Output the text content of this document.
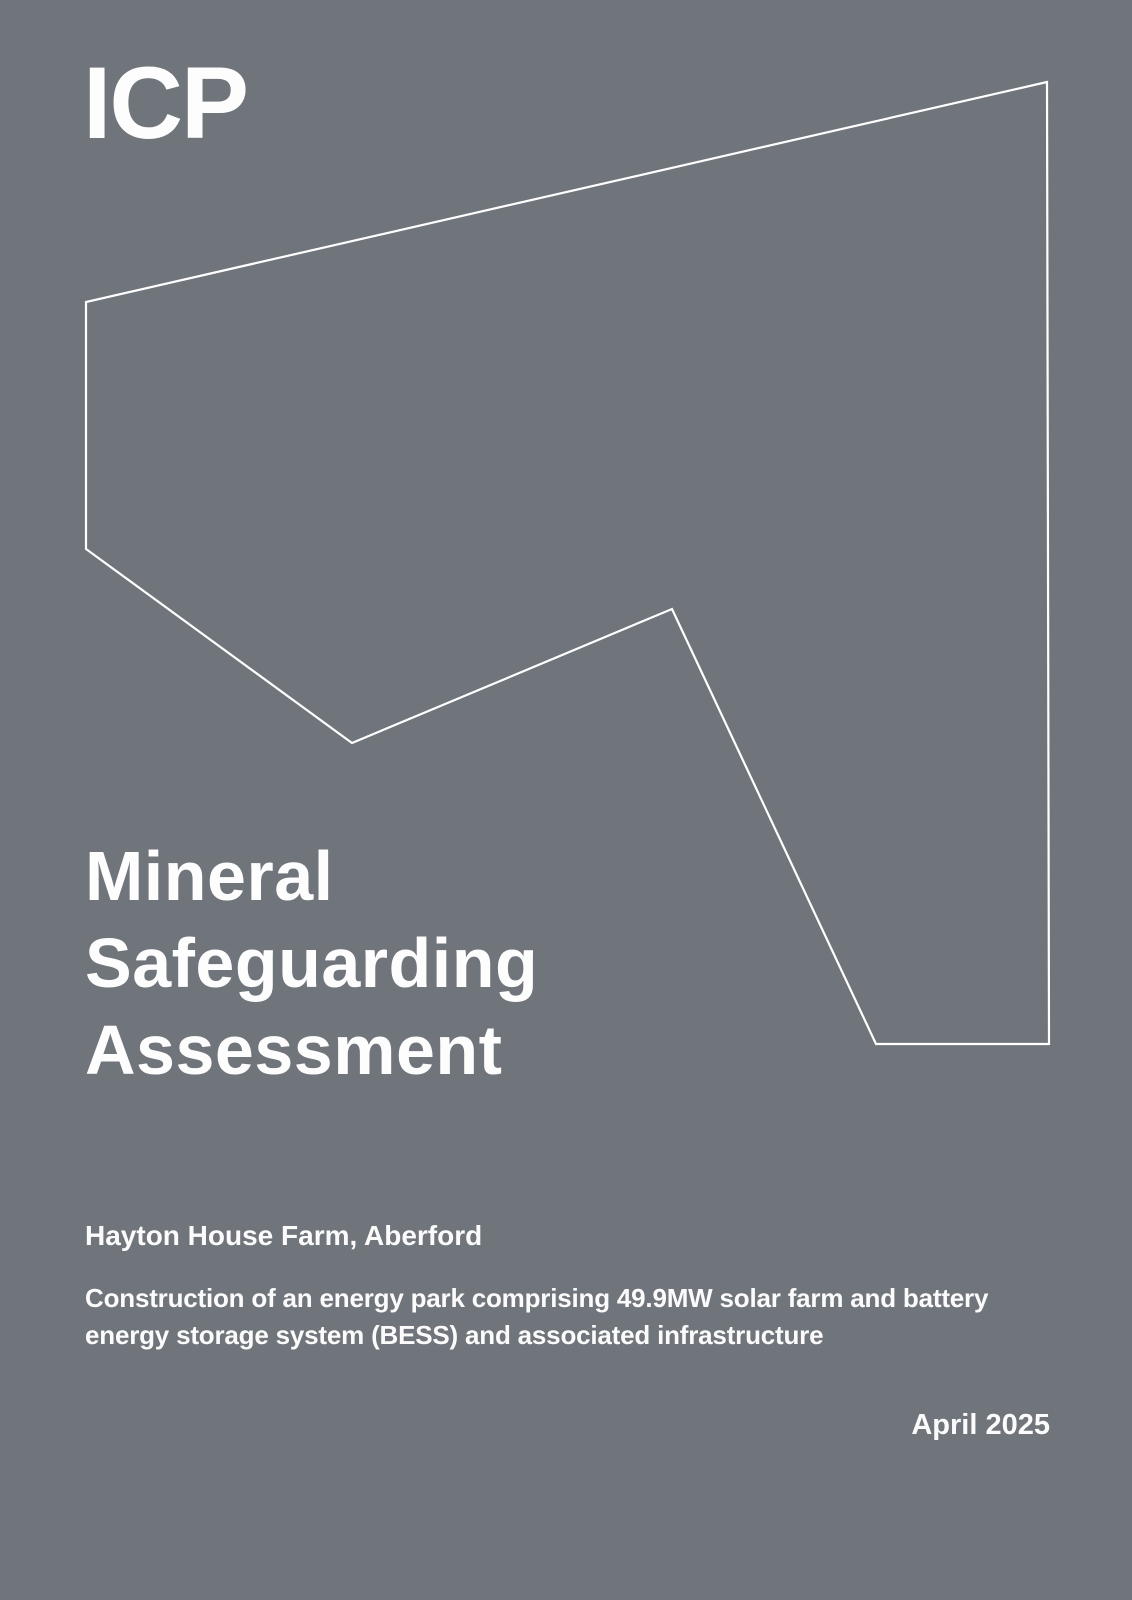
ICP
Mineral
Safeguarding
Assessment
Hayton House Farm, Aberford
Construction of an energy park comprising 49.9MW solar farm and battery
energy storage system (BESS) and associated infrastructure
April 2025
